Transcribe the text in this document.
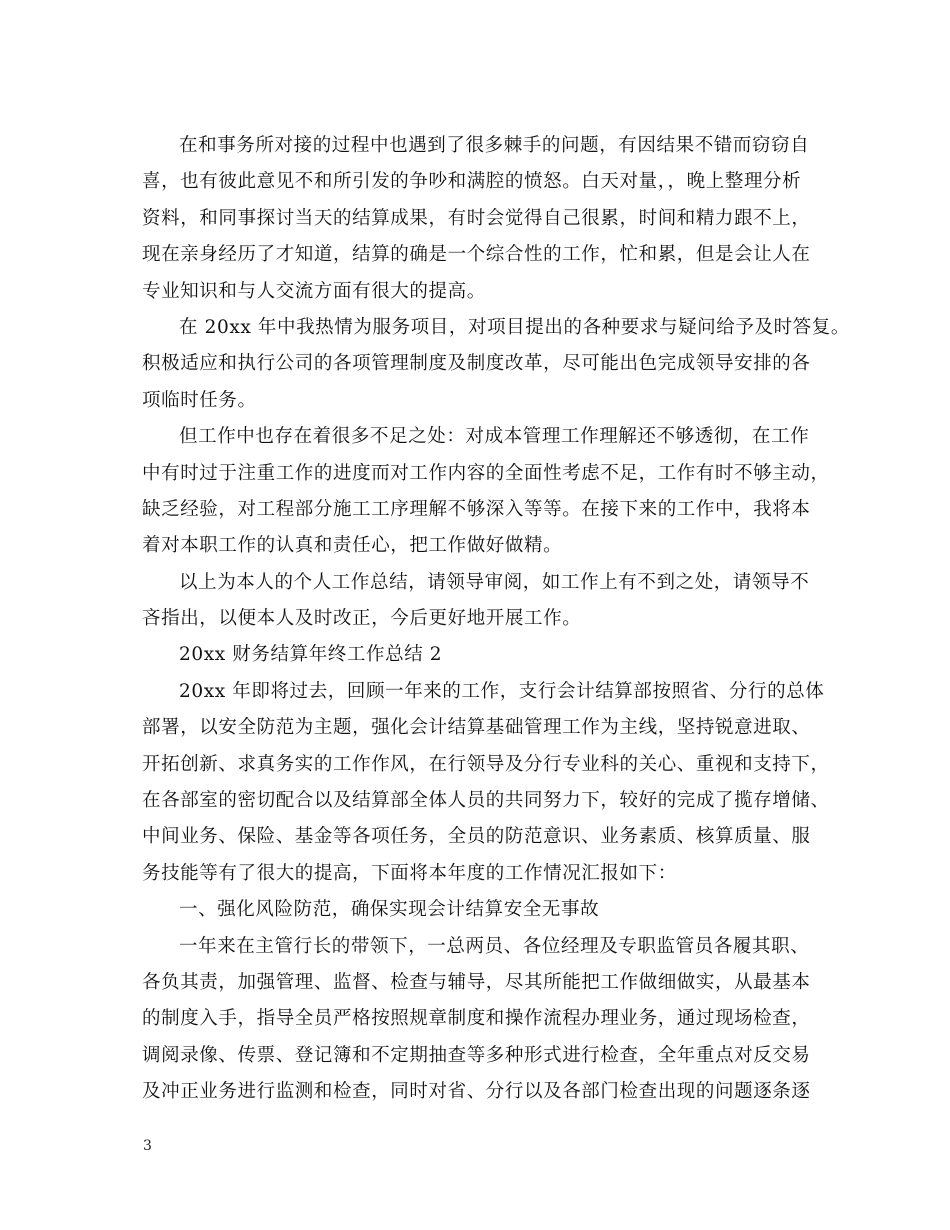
在和事务所对接的过程中也遇到了很多棘手的问题，有因结果不错而窃窃自
喜，也有彼此意见不和所引发的争吵和满腔的愤怒。白天对量，，晚上整理分析
资料，和同事探讨当天的结算成果，有时会觉得自己很累，时间和精力跟不上，
现在亲身经历了才知道，结算的确是一个综合性的工作，忙和累，但是会让人在
专业知识和与人交流方面有很大的提高。
在 20xx 年中我热情为服务项目，对项目提出的各种要求与疑问给予及时答复。
积极适应和执行公司的各项管理制度及制度改革，尽可能出色完成领导安排的各
项临时任务。
但工作中也存在着很多不足之处：对成本管理工作理解还不够透彻，在工作
中有时过于注重工作的进度而对工作内容的全面性考虑不足，工作有时不够主动，
缺乏经验，对工程部分施工工序理解不够深入等等。在接下来的工作中，我将本
着对本职工作的认真和责任心，把工作做好做精。
以上为本人的个人工作总结，请领导审阅，如工作上有不到之处，请领导不
吝指出，以便本人及时改正，今后更好地开展工作。
20xx 财务结算年终工作总结 2
20xx 年即将过去，回顾一年来的工作，支行会计结算部按照省、分行的总体
部署，以安全防范为主题，强化会计结算基础管理工作为主线，坚持锐意进取、
开拓创新、求真务实的工作作风，在行领导及分行专业科的关心、重视和支持下，
在各部室的密切配合以及结算部全体人员的共同努力下，较好的完成了揽存增储、
中间业务、保险、基金等各项任务，全员的防范意识、业务素质、核算质量、服
务技能等有了很大的提高，下面将本年度的工作情况汇报如下：
一、强化风险防范，确保实现会计结算安全无事故
一年来在主管行长的带领下，一总两员、各位经理及专职监管员各履其职、
各负其责，加强管理、监督、检查与辅导，尽其所能把工作做细做实，从最基本
的制度入手，指导全员严格按照规章制度和操作流程办理业务，通过现场检查，
调阅录像、传票、登记簿和不定期抽查等多种形式进行检查，全年重点对反交易
及冲正业务进行监测和检查，同时对省、分行以及各部门检查出现的问题逐条逐
3
